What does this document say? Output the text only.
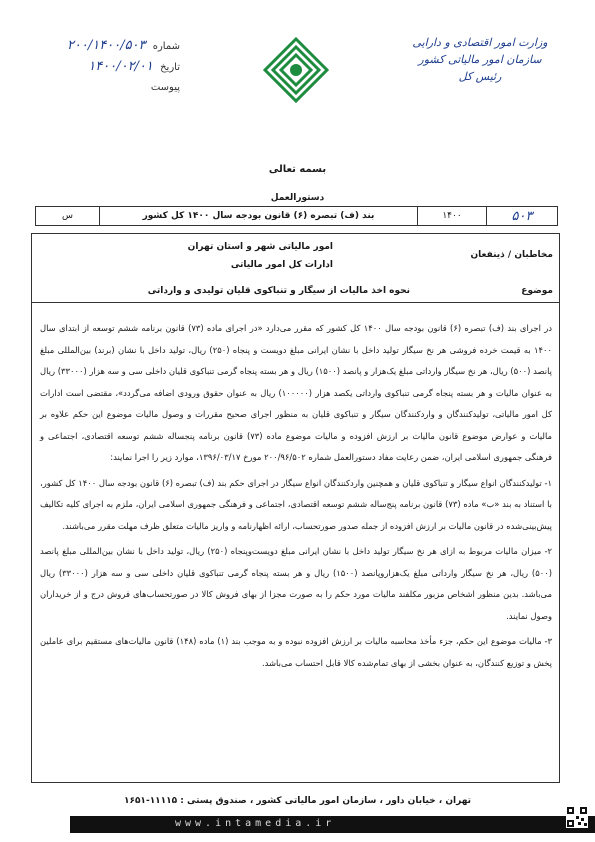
وزارت امور اقتصادی و دارایی
سازمان امور مالیاتی کشور
رئیس کل
شماره ۲۰۰/۱۴۰۰/۵۰۳
تاریخ ۱۴۰۰/۰۲/۰۱
پیوست
بسمه تعالی
دستورالعمل
۵۰۳	۱۴۰۰	بند (ف) تبصره (۶) قانون بودجه سال ۱۴۰۰ کل کشور	س
مخاطبان / ذینفعان
امور مالیاتی شهر و استان تهران
ادارات کل امور مالیاتی
موضوع
نحوه اخذ مالیات از سیگار و تنباکوی قلیان تولیدی و وارداتی

در اجرای بند (ف) تبصره (۶) قانون بودجه سال ۱۴۰۰ کل کشور که مقرر می‌دارد «در اجرای ماده (۷۳) قانون برنامه ششم توسعه از ابتدای سال ۱۴۰۰ به قیمت خرده فروشی هر نخ سیگار تولید داخل با نشان ایرانی مبلغ دویست و پنجاه (۲۵۰) ریال، تولید داخل با نشان (برند) بین‌المللی مبلغ پانصد (۵۰۰) ریال، هر نخ سیگار وارداتی مبلغ یک‌هزار و پانصد (۱۵۰۰) ریال و هر بسته پنجاه گرمی تنباکوی قلیان داخلی سی و سه هزار (۳۳۰۰۰) ریال به عنوان مالیات و هر بسته پنجاه گرمی تنباکوی وارداتی یکصد هزار (۱۰۰۰۰۰) ریال به عنوان حقوق ورودی اضافه می‌گردد»، مقتضی است ادارات کل امور مالیاتی، تولیدکنندگان و واردکنندگان سیگار و تنباکوی قلیان به منظور اجرای صحیح مقررات و وصول مالیات موضوع این حکم علاوه بر مالیات و عوارض موضوع قانون مالیات بر ارزش افزوده و مالیات موضوع ماده (۷۳) قانون برنامه پنجساله ششم توسعه اقتصادی، اجتماعی و فرهنگی جمهوری اسلامی ایران، ضمن رعایت مفاد دستورالعمل شماره ۲۰۰/۹۶/۵۰۲ مورخ ۱۳۹۶/۰۳/۱۷، موارد زیر را اجرا نمایند:

۱- تولیدکنندگان انواع سیگار و تنباکوی قلیان و همچنین واردکنندگان انواع سیگار در اجرای حکم بند (ف) تبصره (۶) قانون بودجه سال ۱۴۰۰ کل کشور، با استناد به بند «ب» ماده (۷۳) قانون برنامه پنج‌ساله ششم توسعه اقتصادی، اجتماعی و فرهنگی جمهوری اسلامی ایران، ملزم به اجرای کلیه تکالیف پیش‌بینی‌شده در قانون مالیات بر ارزش افزوده از جمله صدور صورتحساب، ارائه اظهارنامه و واریز مالیات متعلق ظرف مهلت مقرر می‌باشند.

۲- میزان مالیات مربوط به ازای هر نخ سیگار تولید داخل با نشان ایرانی مبلغ دویست‌وپنجاه (۲۵۰) ریال، تولید داخل با نشان بین‌المللی مبلغ پانصد (۵۰۰) ریال، هر نخ سیگار وارداتی مبلغ یک‌هزاروپانصد (۱۵۰۰) ریال و هر بسته پنجاه گرمی تنباکوی قلیان داخلی سی و سه هزار (۳۳۰۰۰) ریال می‌باشد. بدین منظور اشخاص مزبور مکلفند مالیات مورد حکم را به صورت مجزا از بهای فروش کالا در صورتحساب‌های فروش درج و از خریداران وصول نمایند.

۳- مالیات موضوع این حکم، جزء مأخذ محاسبه مالیات بر ارزش افزوده نبوده و به موجب بند (۱) ماده (۱۴۸) قانون مالیات‌های مستقیم برای عاملین پخش و توزیع کنندگان، به عنوان بخشی از بهای تمام‌شده کالا قابل احتساب می‌باشد.

تهران ، خیابان داور ، سازمان امور مالیاتی کشور ، صندوق پستی : ۱۱۱۱۵-۱۶۵۱
www.intamedia.ir
